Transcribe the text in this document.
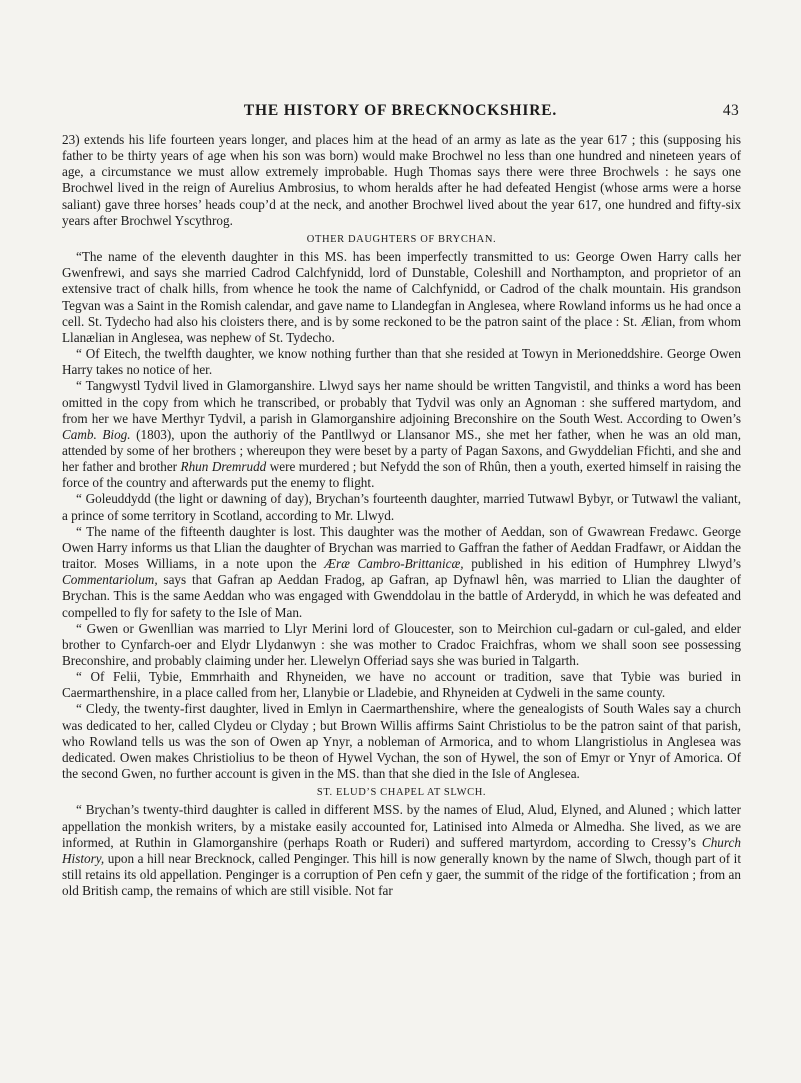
THE HISTORY OF BRECKNOCKSHIRE.	43

23) extends his life fourteen years longer, and places him at the head of an army as late as the year 617 ; this (supposing his father to be thirty years of age when his son was born) would make Brochwel no less than one hundred and nineteen years of age, a circumstance we must allow extremely improbable. Hugh Thomas says there were three Brochwels : he says one Brochwel lived in the reign of Aurelius Ambrosius, to whom heralds after he had defeated Hengist (whose arms were a horse saliant) gave three horses’ heads coup’d at the neck, and another Brochwel lived about the year 617, one hundred and fifty-six years after Brochwel Yscythrog.

OTHER DAUGHTERS OF BRYCHAN.

“The name of the eleventh daughter in this MS. has been imperfectly transmitted to us: George Owen Harry calls her Gwenfrewi, and says she married Cadrod Calchfynidd, lord of Dunstable, Coleshill and Northampton, and proprietor of an extensive tract of chalk hills, from whence he took the name of Calchfynidd, or Cadrod of the chalk mountain. His grandson Tegvan was a Saint in the Romish calendar, and gave name to Llandegfan in Anglesea, where Rowland informs us he had once a cell. St. Tydecho had also his cloisters there, and is by some reckoned to be the patron saint of the place : St. Ælian, from whom Llanælian in Anglesea, was nephew of St. Tydecho.

“ Of Eitech, the twelfth daughter, we know nothing further than that she resided at Towyn in Merioneddshire. George Owen Harry takes no notice of her.

“ Tangwystl Tydvil lived in Glamorganshire. Llwyd says her name should be written Tangvistil, and thinks a word has been omitted in the copy from which he transcribed, or probably that Tydvil was only an Agnoman : she suffered martydom, and from her we have Merthyr Tydvil, a parish in Glamorganshire adjoining Breconshire on the South West. According to Owen’s Camb. Biog. (1803), upon the authoriy of the Pantllwyd or Llansanor MS., she met her father, when he was an old man, attended by some of her brothers ; whereupon they were beset by a party of Pagan Saxons, and Gwyddelian Ffichti, and she and her father and brother Rhun Dremrudd were murdered ; but Nefydd the son of Rhûn, then a youth, exerted himself in raising the force of the country and afterwards put the enemy to flight.

“ Goleuddydd (the light or dawning of day), Brychan’s fourteenth daughter, married Tutwawl Bybyr, or Tutwawl the valiant, a prince of some territory in Scotland, according to Mr. Llwyd.

“ The name of the fifteenth daughter is lost. This daughter was the mother of Aeddan, son of Gwawrean Fredawc. George Owen Harry informs us that Llian the daughter of Brychan was married to Gaffran the father of Aeddan Fradfawr, or Aiddan the traitor. Moses Williams, in a note upon the Æræ Cambro-Brittanicæ, published in his edition of Humphrey Llwyd’s Commentariolum, says that Gafran ap Aeddan Fradog, ap Gafran, ap Dyfnawl hên, was married to Llian the daughter of Brychan. This is the same Aeddan who was engaged with Gwenddolau in the battle of Arderydd, in which he was defeated and compelled to fly for safety to the Isle of Man.

“ Gwen or Gwenllian was married to Llyr Merini lord of Gloucester, son to Meirchion cul-gadarn or cul-galed, and elder brother to Cynfarch-oer and Elydr Llydanwyn : she was mother to Cradoc Fraichfras, whom we shall soon see possessing Breconshire, and probably claiming under her. Llewelyn Offeriad says she was buried in Talgarth.

“ Of Felii, Tybie, Emmrhaith and Rhyneiden, we have no account or tradition, save that Tybie was buried in Caermarthenshire, in a place called from her, Llanybie or Lladebie, and Rhyneiden at Cydweli in the same county.

“ Cledy, the twenty-first daughter, lived in Emlyn in Caermarthenshire, where the genealogists of South Wales say a church was dedicated to her, called Clydeu or Clyday ; but Brown Willis affirms Saint Christiolus to be the patron saint of that parish, who Rowland tells us was the son of Owen ap Ynyr, a nobleman of Armorica, and to whom Llangristiolus in Anglesea was dedicated. Owen makes Christiolius to be theon of Hywel Vychan, the son of Hywel, the son of Emyr or Ynyr of Amorica. Of the second Gwen, no further account is given in the MS. than that she died in the Isle of Anglesea.

ST. ELUD’S CHAPEL AT SLWCH.

“ Brychan’s twenty-third daughter is called in different MSS. by the names of Elud, Alud, Elyned, and Aluned ; which latter appellation the monkish writers, by a mistake easily accounted for, Latinised into Almeda or Almedha. She lived, as we are informed, at Ruthin in Glamorganshire (perhaps Roath or Ruderi) and suffered martyrdom, according to Cressy’s Church History, upon a hill near Brecknock, called Penginger. This hill is now generally known by the name of Slwch, though part of it still retains its old appellation. Penginger is a corruption of Pen cefn y gaer, the summit of the ridge of the fortification ; from an old British camp, the remains of which are still visible. Not far
